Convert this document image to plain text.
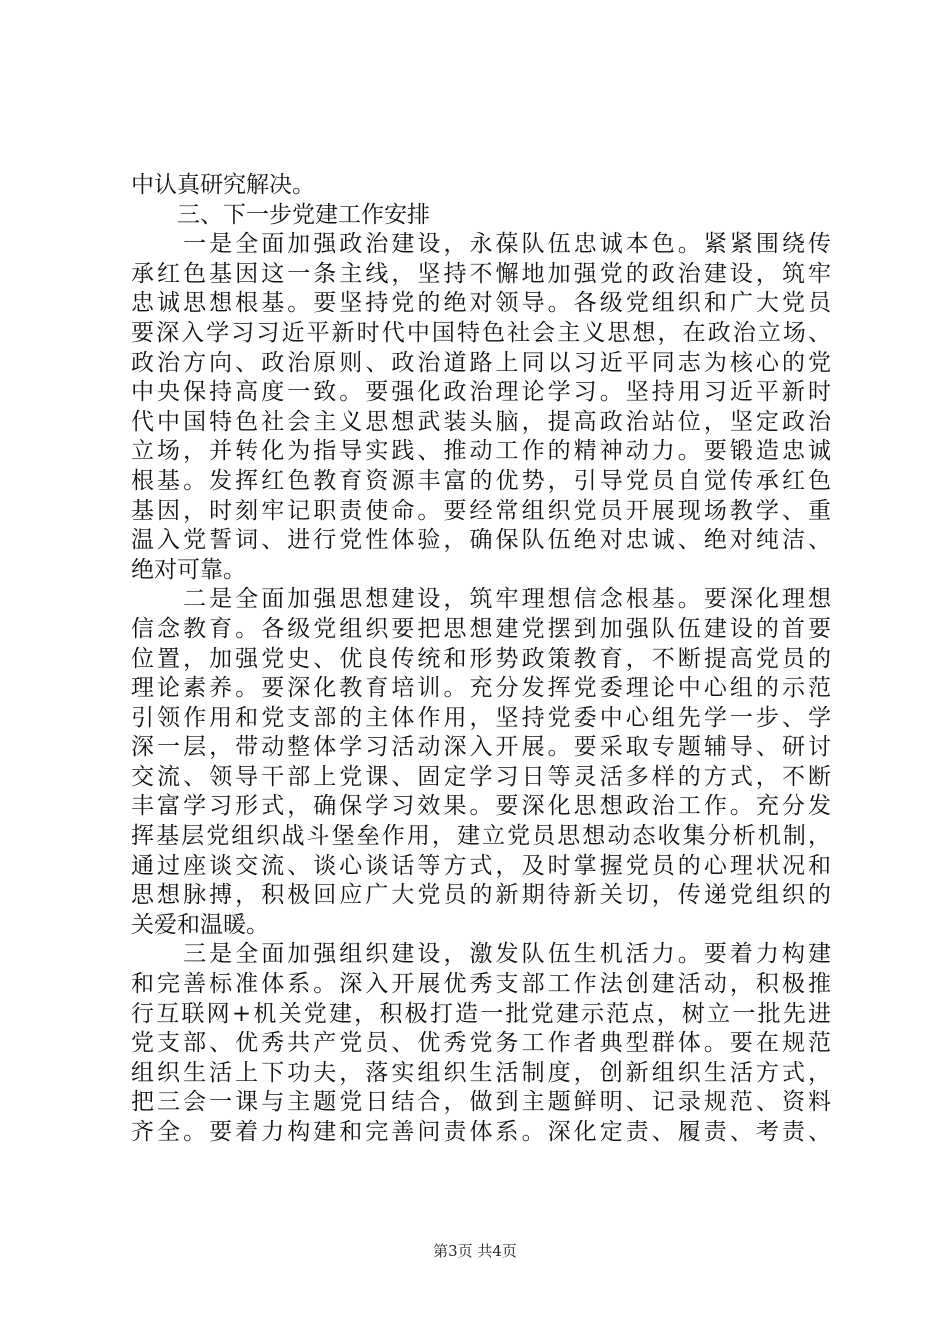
中认真研究解决。
　　三、下一步党建工作安排
　　一是全面加强政治建设，永葆队伍忠诚本色。紧紧围绕传
承红色基因这一条主线，坚持不懈地加强党的政治建设，筑牢
忠诚思想根基。要坚持党的绝对领导。各级党组织和广大党员
要深入学习习近平新时代中国特色社会主义思想，在政治立场、
政治方向、政治原则、政治道路上同以习近平同志为核心的党
中央保持高度一致。要强化政治理论学习。坚持用习近平新时
代中国特色社会主义思想武装头脑，提高政治站位，坚定政治
立场，并转化为指导实践、推动工作的精神动力。要锻造忠诚
根基。发挥红色教育资源丰富的优势，引导党员自觉传承红色
基因，时刻牢记职责使命。要经常组织党员开展现场教学、重
温入党誓词、进行党性体验，确保队伍绝对忠诚、绝对纯洁、
绝对可靠。
　　二是全面加强思想建设，筑牢理想信念根基。要深化理想
信念教育。各级党组织要把思想建党摆到加强队伍建设的首要
位置，加强党史、优良传统和形势政策教育，不断提高党员的
理论素养。要深化教育培训。充分发挥党委理论中心组的示范
引领作用和党支部的主体作用，坚持党委中心组先学一步、学
深一层，带动整体学习活动深入开展。要采取专题辅导、研讨
交流、领导干部上党课、固定学习日等灵活多样的方式，不断
丰富学习形式，确保学习效果。要深化思想政治工作。充分发
挥基层党组织战斗堡垒作用，建立党员思想动态收集分析机制，
通过座谈交流、谈心谈话等方式，及时掌握党员的心理状况和
思想脉搏，积极回应广大党员的新期待新关切，传递党组织的
关爱和温暖。
　　三是全面加强组织建设，激发队伍生机活力。要着力构建
和完善标准体系。深入开展优秀支部工作法创建活动，积极推
行互联网+机关党建，积极打造一批党建示范点，树立一批先进
党支部、优秀共产党员、优秀党务工作者典型群体。要在规范
组织生活上下功夫，落实组织生活制度，创新组织生活方式，
把三会一课与主题党日结合，做到主题鲜明、记录规范、资料
齐全。要着力构建和完善问责体系。深化定责、履责、考责、
第3页 共4页
